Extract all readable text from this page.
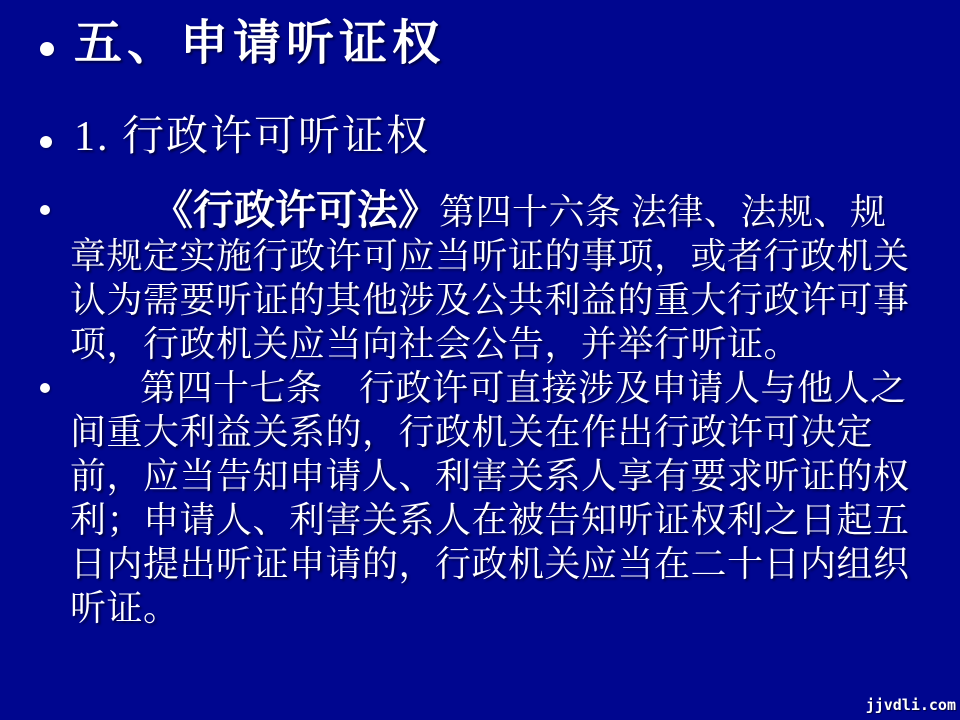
五、申请听证权
1. 行政许可听证权

《行政许可法》第四十六条 法律、法规、规章规定实施行政许可应当听证的事项，或者行政机关认为需要听证的其他涉及公共利益的重大行政许可事项，行政机关应当向社会公告，并举行听证。

第四十七条　行政许可直接涉及申请人与他人之间重大利益关系的，行政机关在作出行政许可决定前，应当告知申请人、利害关系人享有要求听证的权利；申请人、利害关系人在被告知听证权利之日起五日内提出听证申请的，行政机关应当在二十日内组织听证。

jjvdli.com
